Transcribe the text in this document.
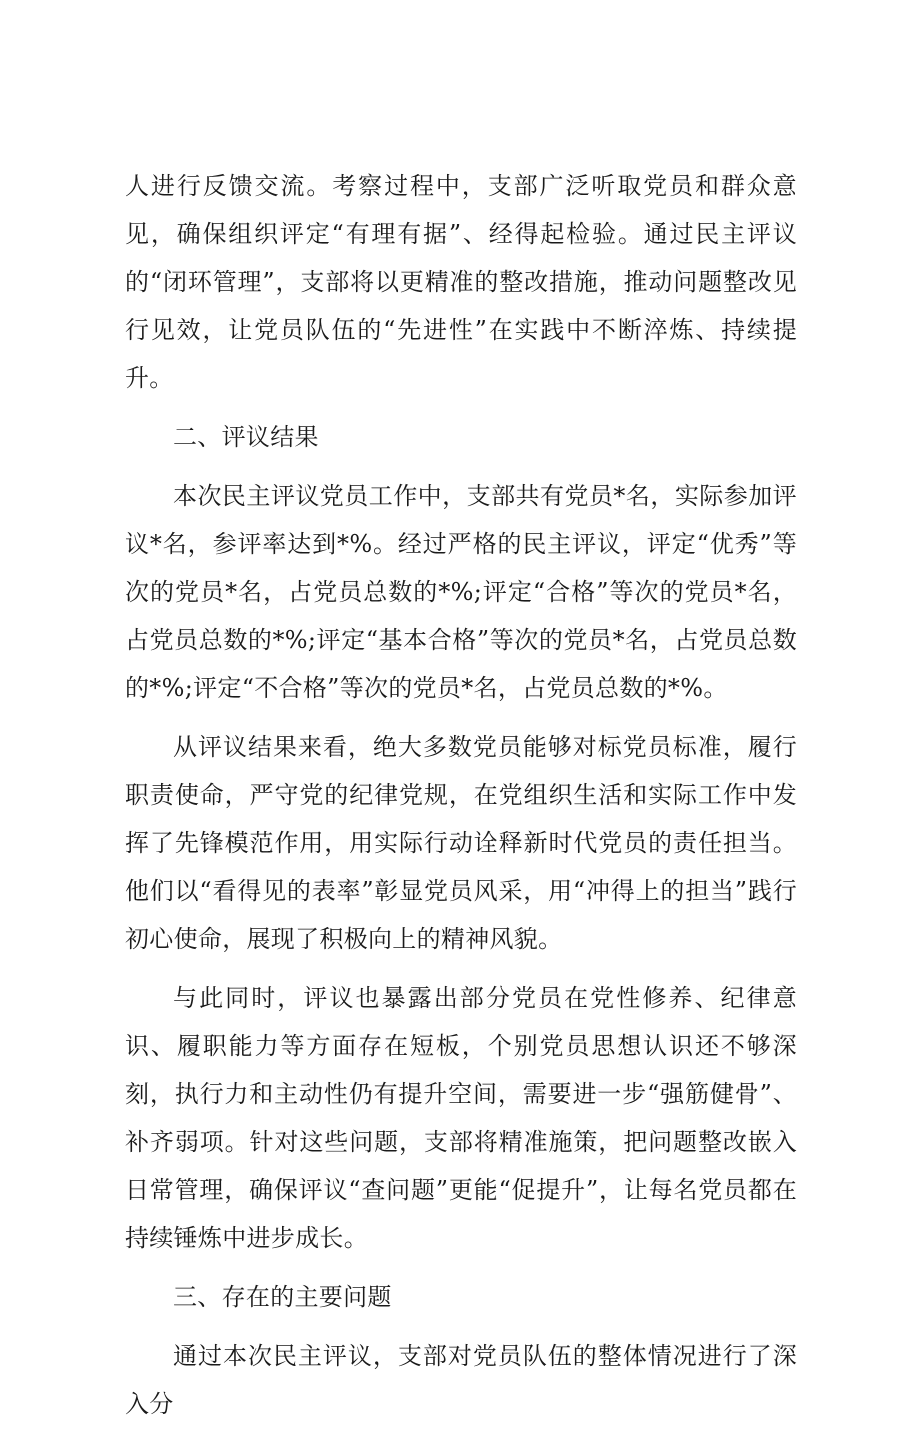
人进行反馈交流。考察过程中，支部广泛听取党员和群众意见，确保组织评定“有理有据”、经得起检验。通过民主评议的“闭环管理”，支部将以更精准的整改措施，推动问题整改见行见效，让党员队伍的“先进性”在实践中不断淬炼、持续提升。

二、评议结果

本次民主评议党员工作中，支部共有党员*名，实际参加评议*名，参评率达到*%。经过严格的民主评议，评定“优秀”等次的党员*名，占党员总数的*%;评定“合格”等次的党员*名，占党员总数的*%;评定“基本合格”等次的党员*名，占党员总数的*%;评定“不合格”等次的党员*名，占党员总数的*%。

从评议结果来看，绝大多数党员能够对标党员标准，履行职责使命，严守党的纪律党规，在党组织生活和实际工作中发挥了先锋模范作用，用实际行动诠释新时代党员的责任担当。他们以“看得见的表率”彰显党员风采，用“冲得上的担当”践行初心使命，展现了积极向上的精神风貌。

与此同时，评议也暴露出部分党员在党性修养、纪律意识、履职能力等方面存在短板，个别党员思想认识还不够深刻，执行力和主动性仍有提升空间，需要进一步“强筋健骨”、补齐弱项。针对这些问题，支部将精准施策，把问题整改嵌入日常管理，确保评议“查问题”更能“促提升”，让每名党员都在持续锤炼中进步成长。

三、存在的主要问题

通过本次民主评议，支部对党员队伍的整体情况进行了深入分
